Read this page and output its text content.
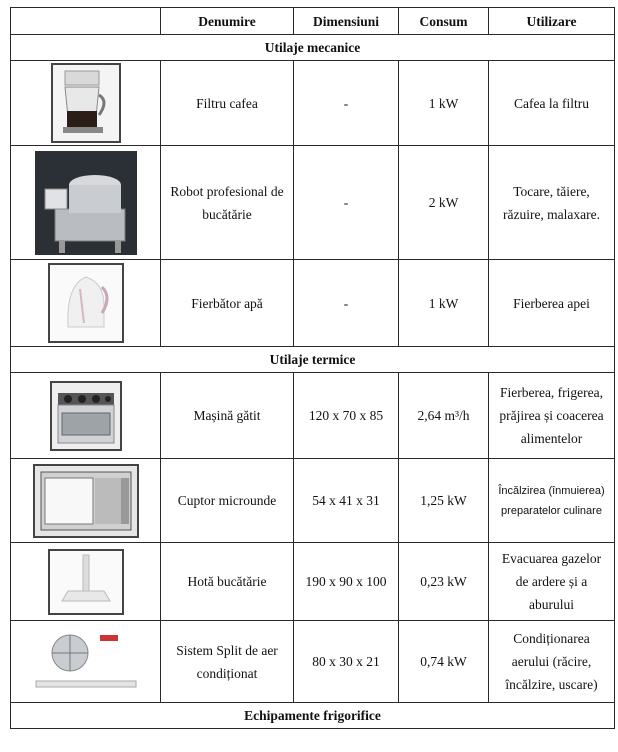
	Denumire	Dimensiuni	Consum	Utilizare
Utilaje mecanice				

	Filtru cafea	-	1 kW	Cafea la filtru

	Robot profesional de bucătărie	-	2 kW	Tocare, tăiere, răzuire, malaxare.

	Fierbător apă	-	1 kW	Fierberea apei
Utilaje termice				

	Mașină gătit	120 x 70 x 85	2,64 m³/h	Fierberea, frigerea, prăjirea și coacerea alimentelor

	Cuptor microunde	54 x 41 x 31	1,25 kW	Încălzirea (înmuierea) preparatelor culinare

	Hotă bucătărie	190 x 90 x 100	0,23 kW	Evacuarea gazelor de ardere și a aburului

	Sistem Split de aer condiționat	80 x 30 x 21	0,74 kW	Condiționarea aerului (răcire, încălzire, uscare)
Echipamente frigorifice				
